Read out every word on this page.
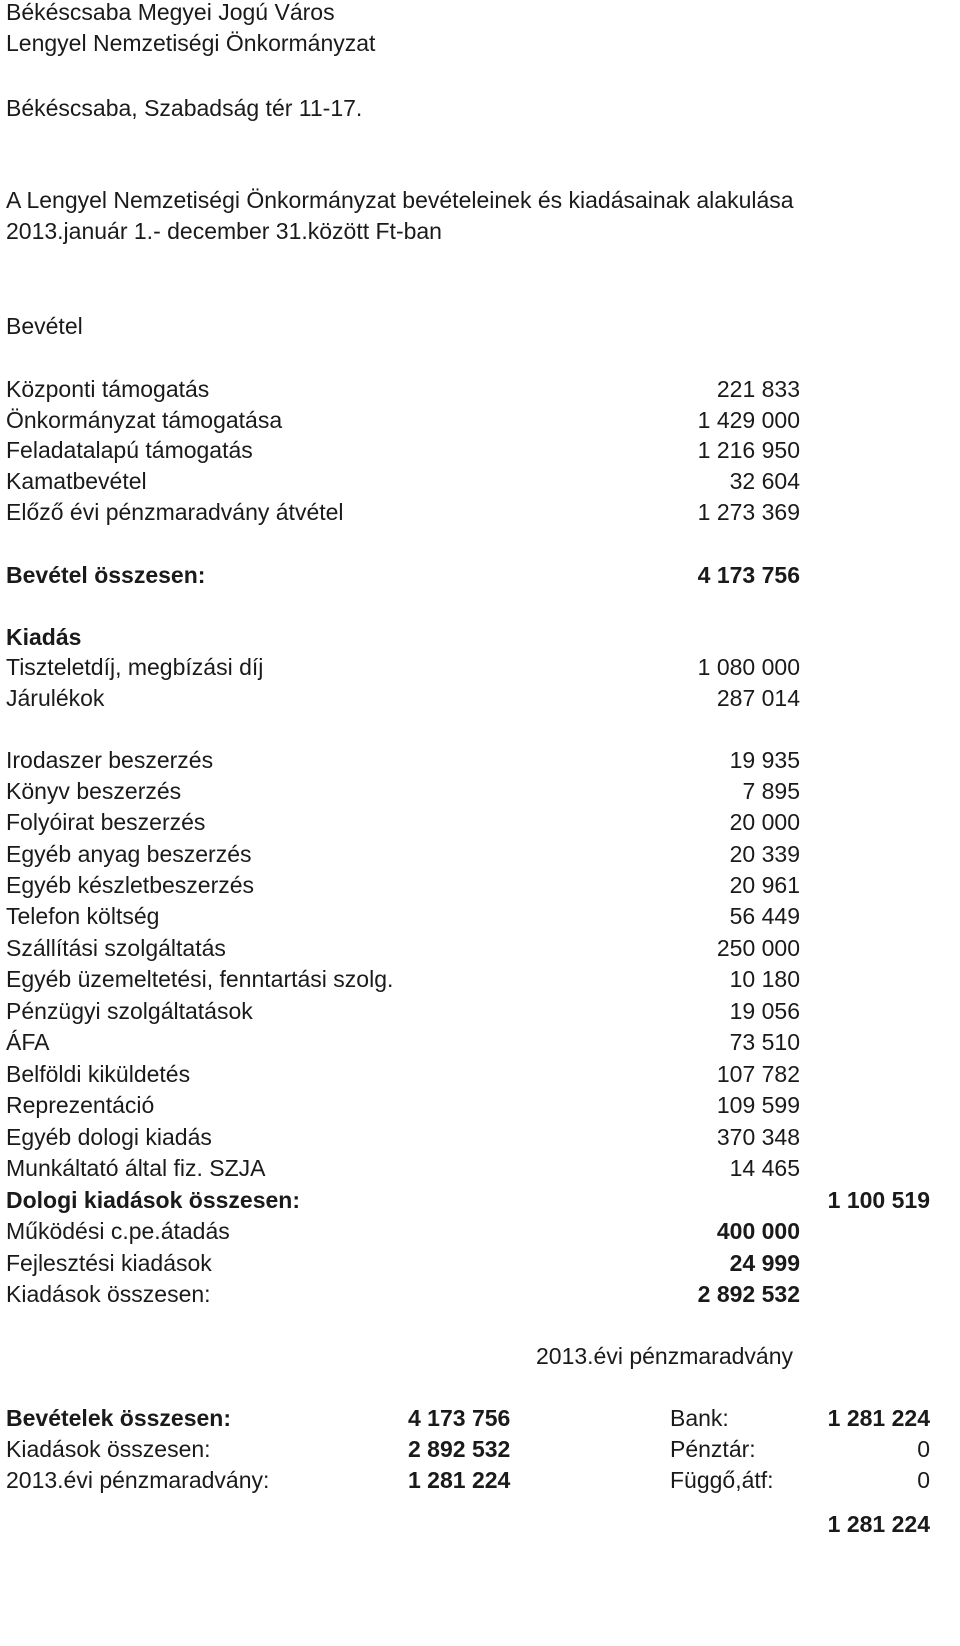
Békéscsaba Megyei Jogú Város
Lengyel Nemzetiségi Önkormányzat
Békéscsaba, Szabadság tér 11-17.
A Lengyel Nemzetiségi Önkormányzat bevételeinek és kiadásainak alakulása
2013.január 1.- december 31.között Ft-ban
Bevétel
Központi támogatás	221 833
Önkormányzat támogatása	1 429 000
Feladatalapú támogatás	1 216 950
Kamatbevétel	32 604
Előző évi pénzmaradvány átvétel	1 273 369
Bevétel összesen:	4 173 756
Kiadás
Tiszteletdíj, megbízási díj	1 080 000
Járulékok	287 014
Irodaszer beszerzés	19 935
Könyv beszerzés	7 895
Folyóirat beszerzés	20 000
Egyéb anyag beszerzés	20 339
Egyéb készletbeszerzés	20 961
Telefon költség	56 449
Szállítási szolgáltatás	250 000
Egyéb üzemeltetési, fenntartási szolg.	10 180
Pénzügyi szolgáltatások	19 056
ÁFA	73 510
Belföldi kiküldetés	107 782
Reprezentáció	109 599
Egyéb dologi kiadás	370 348
Munkáltató által fiz. SZJA	14 465
Dologi kiadások összesen:	1 100 519
Működési c.pe.átadás	400 000
Fejlesztési kiadások	24 999
Kiadások összesen:	2 892 532
2013.évi pénzmaradvány
Bevételek összesen:	4 173 756	Bank:	1 281 224
Kiadások összesen:	2 892 532	Pénztár:	0
2013.évi pénzmaradvány:	1 281 224	Függő,átf:	0
1 281 224
